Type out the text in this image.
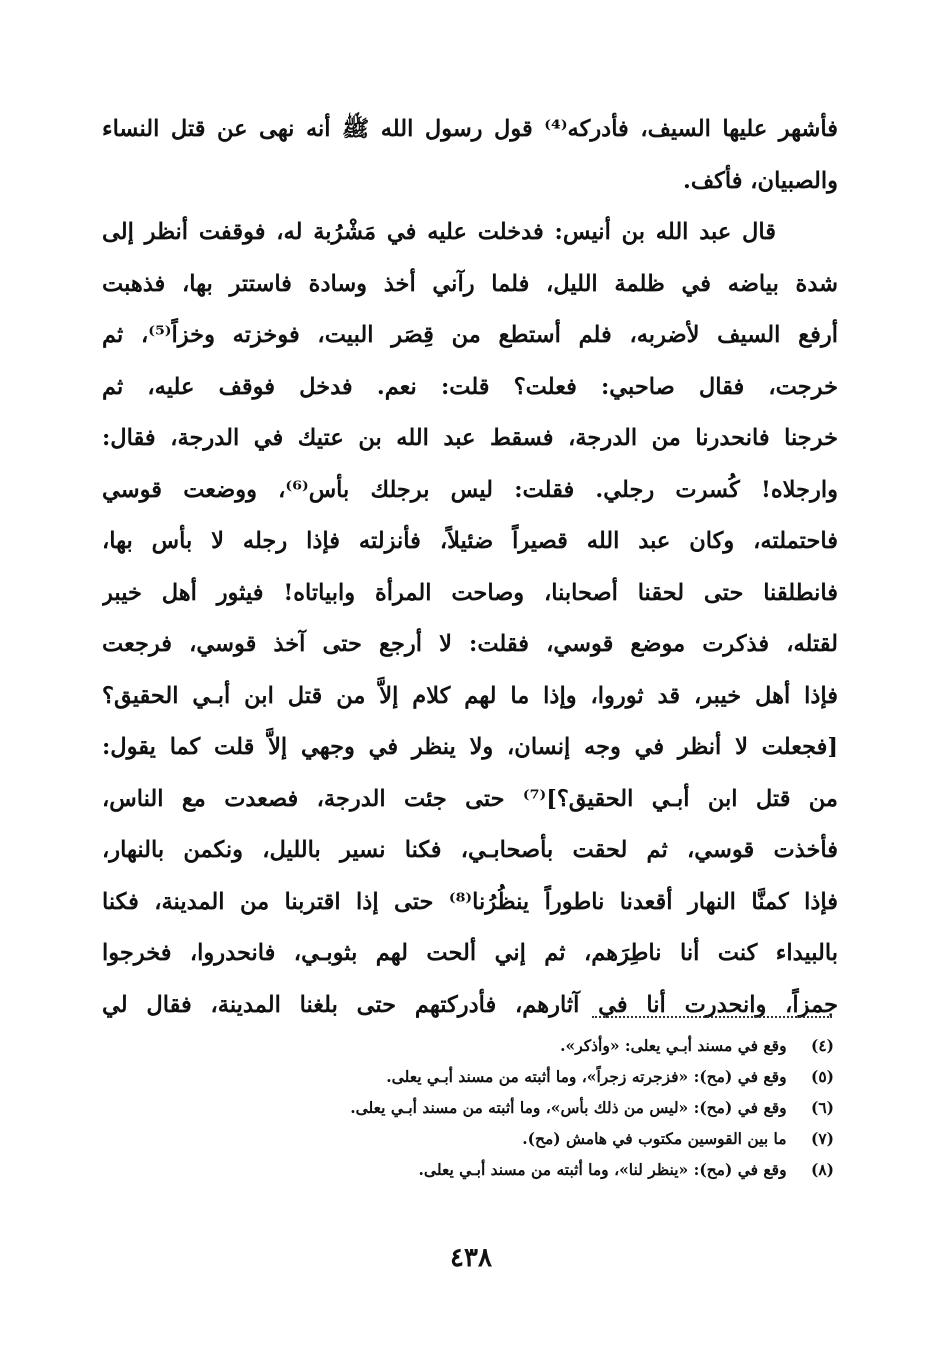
فأشهر عليها السيف، فأدركه⁽⁴⁾ قول رسول الله ﷺ أنه نهى عن قتل النساء
والصبيان، فأكف.
قال عبد الله بن أنيس: فدخلت عليه في مَشْرُبة له، فوقفت أنظر إلى
شدة بياضه في ظلمة الليل، فلما رآني أخذ وسادة فاستتر بها، فذهبت
أرفع السيف لأضربه، فلم أستطع من قِصَر البيت، فوخزته وخزاً⁽⁵⁾، ثم
خرجت، فقال صاحبي: فعلت؟ قلت: نعم. فدخل فوقف عليه، ثم
خرجنا فانحدرنا من الدرجة، فسقط عبد الله بن عتيك في الدرجة، فقال:
وارجلاه! كُسرت رجلي. فقلت: ليس برجلك بأس⁽⁶⁾، ووضعت قوسي
فاحتملته، وكان عبد الله قصيراً ضئيلاً، فأنزلته فإذا رجله لا بأس بها،
فانطلقنا حتى لحقنا أصحابنا، وصاحت المرأة وابياتاه! فيثور أهل خيبر
لقتله، فذكرت موضع قوسي، فقلت: لا أرجع حتى آخذ قوسي، فرجعت
فإذا أهل خيبر، قد ثوروا، وإذا ما لهم كلام إلاَّ من قتل ابن أبـي الحقيق؟
[فجعلت لا أنظر في وجه إنسان، ولا ينظر في وجهي إلاَّ قلت كما يقول:
من قتل ابن أبـي الحقيق؟]⁽⁷⁾ حتى جئت الدرجة، فصعدت مع الناس،
فأخذت قوسي، ثم لحقت بأصحابـي، فكنا نسير بالليل، ونكمن بالنهار،
فإذا كمنَّا النهار أقعدنا ناطوراً ينظُرُنا⁽⁸⁾ حتى إذا اقتربنا من المدينة، فكنا
بالبيداء كنت أنا ناطِرَهم، ثم إني ألحت لهم بثوبـي، فانحدروا، فخرجوا
جمزاً، وانحدرت أنا في آثارهم، فأدركتهم حتى بلغنا المدينة، فقال لي
(٤) وقع في مسند أبـي يعلى: «وأذكر».
(٥) وقع في (مح): «فزجرته زجراً»، وما أثبته من مسند أبـي يعلى.
(٦) وقع في (مح): «ليس من ذلك بأس»، وما أثبته من مسند أبـي يعلى.
(٧) ما بين القوسين مكتوب في هامش (مح).
(٨) وقع في (مح): «ينظر لنا»، وما أثبته من مسند أبـي يعلى.
٤٣٨
